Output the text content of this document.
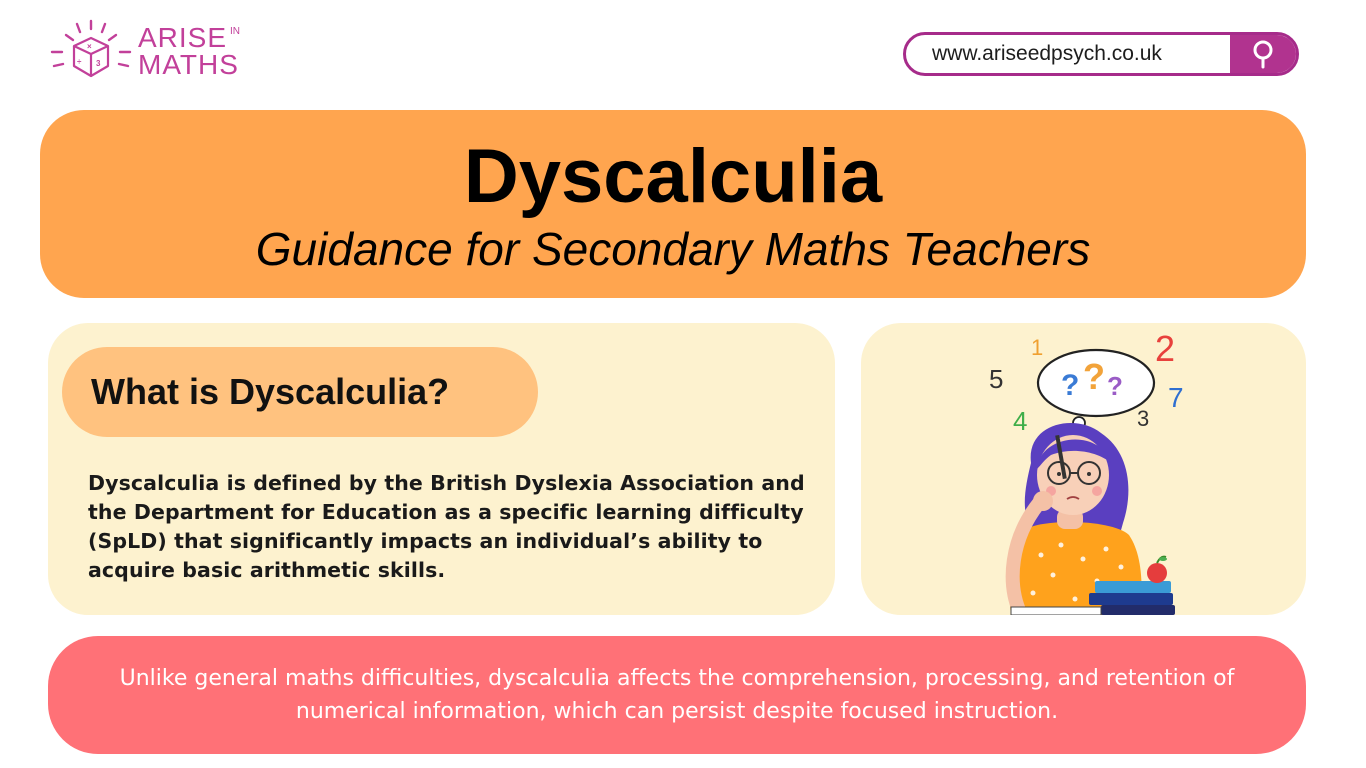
×
÷ 3
ARISE IN
MATHS	www.ariseedpsych.co.uk
Dyscalculia
Guidance for Secondary Maths Teachers
What is Dyscalculia?
Dyscalculia is defined by the British Dyslexia Association and the Department for Education as a specific learning difficulty (SpLD) that significantly impacts an individual’s ability to acquire basic arithmetic skills.
1	2
5
7
4	3
? ? ?
Unlike general maths difficulties, dyscalculia affects the comprehension, processing, and retention of numerical information, which can persist despite focused instruction.
